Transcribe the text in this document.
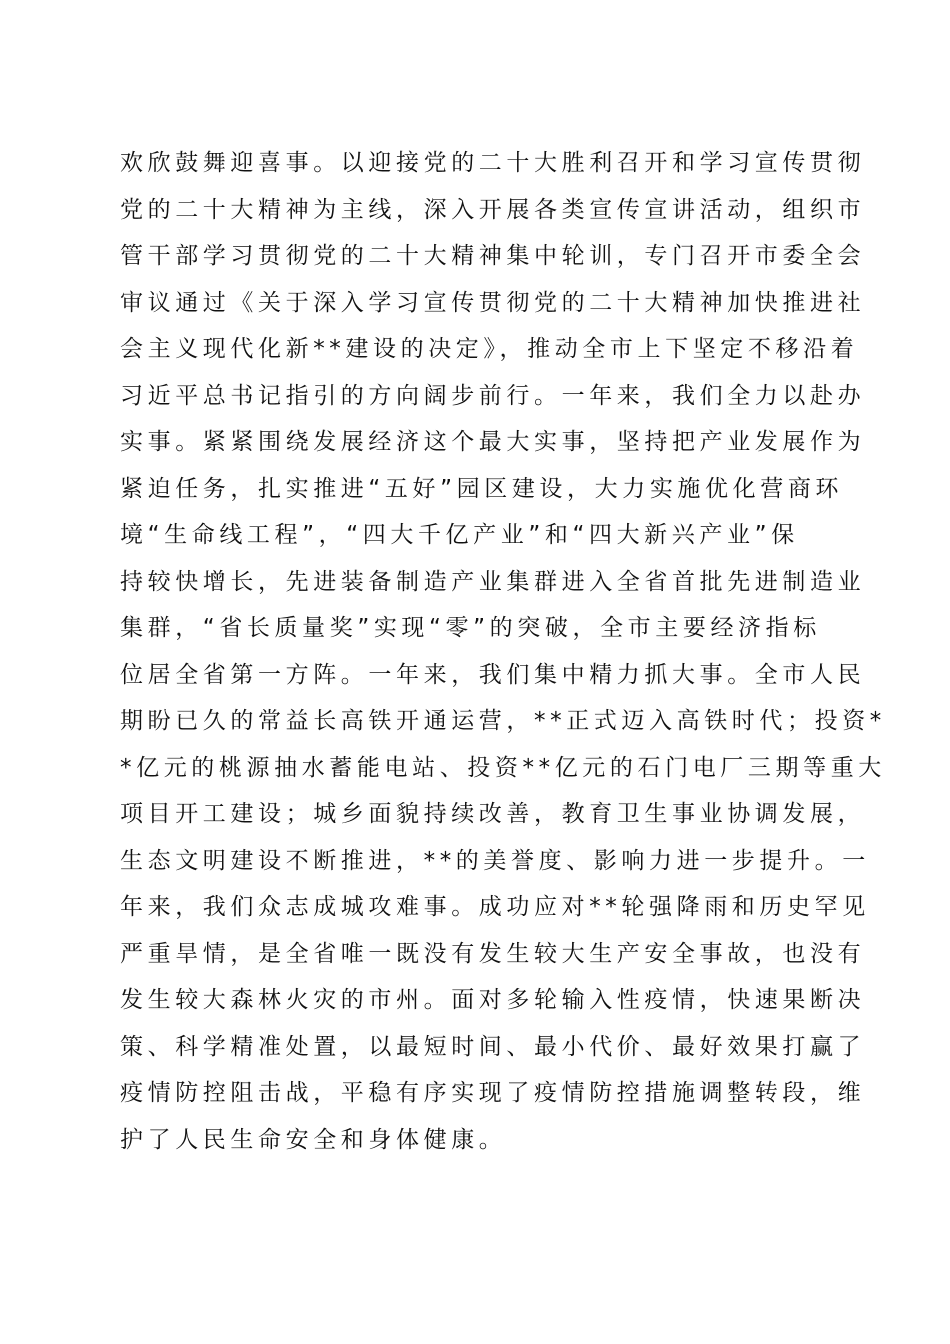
欢欣鼓舞迎喜事。以迎接党的二十大胜利召开和学习宣传贯彻
党的二十大精神为主线，深入开展各类宣传宣讲活动，组织市
管干部学习贯彻党的二十大精神集中轮训，专门召开市委全会
审议通过《关于深入学习宣传贯彻党的二十大精神加快推进社
会主义现代化新**建设的决定》，推动全市上下坚定不移沿着
习近平总书记指引的方向阔步前行。一年来，我们全力以赴办
实事。紧紧围绕发展经济这个最大实事，坚持把产业发展作为
紧迫任务，扎实推进“五好”园区建设，大力实施优化营商环
境“生命线工程”，“四大千亿产业”和“四大新兴产业”保
持较快增长，先进装备制造产业集群进入全省首批先进制造业
集群，“省长质量奖”实现“零”的突破，全市主要经济指标
位居全省第一方阵。一年来，我们集中精力抓大事。全市人民
期盼已久的常益长高铁开通运营，**正式迈入高铁时代；投资*
*亿元的桃源抽水蓄能电站、投资**亿元的石门电厂三期等重大
项目开工建设；城乡面貌持续改善，教育卫生事业协调发展，
生态文明建设不断推进，**的美誉度、影响力进一步提升。一
年来，我们众志成城攻难事。成功应对**轮强降雨和历史罕见
严重旱情，是全省唯一既没有发生较大生产安全事故，也没有
发生较大森林火灾的市州。面对多轮输入性疫情，快速果断决
策、科学精准处置，以最短时间、最小代价、最好效果打赢了
疫情防控阻击战，平稳有序实现了疫情防控措施调整转段，维
护了人民生命安全和身体健康。
